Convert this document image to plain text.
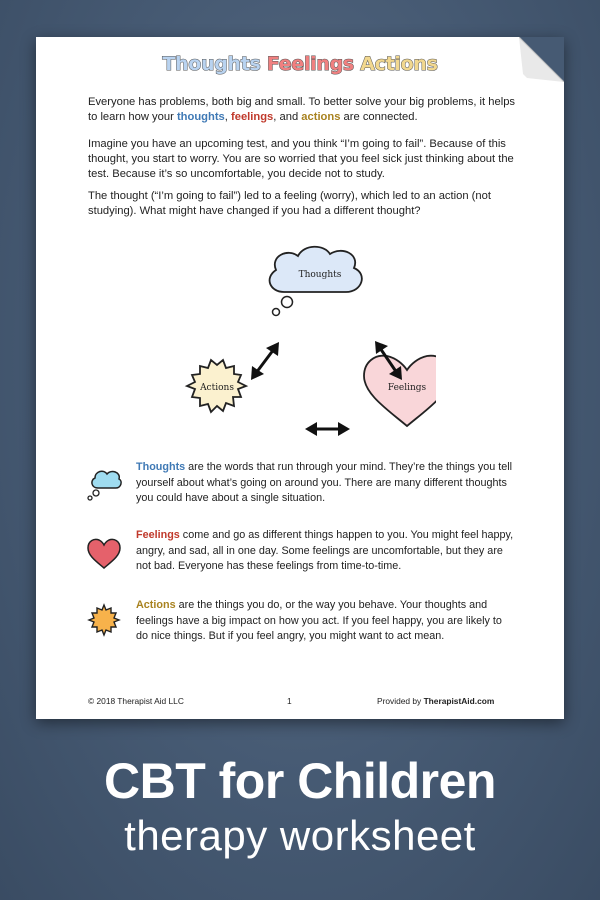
Thoughts Feelings Actions

Everyone has problems, both big and small. To better solve your big problems, it helps to learn how your thoughts, feelings, and actions are connected.

Imagine you have an upcoming test, and you think “I’m going to fail”. Because of this thought, you start to worry. You are so worried that you feel sick just thinking about the test. Because it’s so uncomfortable, you decide not to study.

The thought (“I’m going to fail”) led to a feeling (worry), which led to an action (not studying). What might have changed if you had a different thought?

Thoughts
Actions	Feelings

Thoughts are the words that run through your mind. They’re the things you tell yourself about what’s going on around you. There are many different thoughts you could have about a single situation.

Feelings come and go as different things happen to you. You might feel happy, angry, and sad, all in one day. Some feelings are uncomfortable, but they are not bad. Everyone has these feelings from time-to-time.

Actions are the things you do, or the way you behave. Your thoughts and feelings have a big impact on how you act. If you feel happy, you are likely to do nice things. But if you feel angry, you might want to act mean.

© 2018 Therapist Aid LLC	1	Provided by TherapistAid.com
CBT for Children
therapy worksheet
